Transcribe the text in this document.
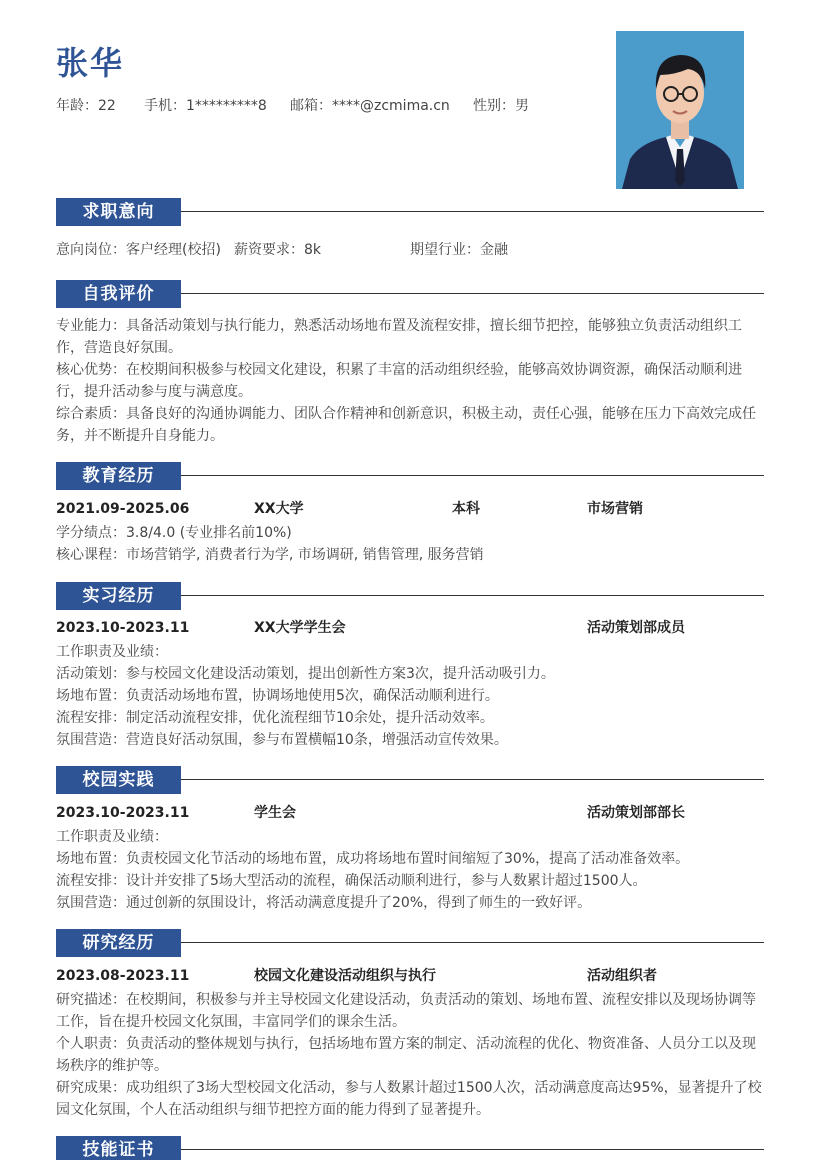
张华
年龄：22 手机：1*********8 邮箱：****@zcmima.cn 性别：男
求职意向
意向岗位：客户经理(校招) 薪资要求：8k	期望行业：金融
自我评价
专业能力：具备活动策划与执行能力，熟悉活动场地布置及流程安排，擅长细节把控，能够独立负责活动组织工作，营造良好氛围。
核心优势：在校期间积极参与校园文化建设，积累了丰富的活动组织经验，能够高效协调资源，确保活动顺利进行，提升活动参与度与满意度。
综合素质：具备良好的沟通协调能力、团队合作精神和创新意识，积极主动，责任心强，能够在压力下高效完成任务，并不断提升自身能力。
教育经历
2021.09-2025.06	XX大学	本科	市场营销
学分绩点：3.8/4.0 (专业排名前10%)
核心课程：市场营销学, 消费者行为学, 市场调研, 销售管理, 服务营销
实习经历
2023.10-2023.11	XX大学学生会	活动策划部成员
工作职责及业绩：
活动策划：参与校园文化建设活动策划，提出创新性方案3次，提升活动吸引力。
场地布置：负责活动场地布置，协调场地使用5次，确保活动顺利进行。
流程安排：制定活动流程安排，优化流程细节10余处，提升活动效率。
氛围营造：营造良好活动氛围，参与布置横幅10条，增强活动宣传效果。
校园实践
2023.10-2023.11	学生会	活动策划部部长
工作职责及业绩：
场地布置：负责校园文化节活动的场地布置，成功将场地布置时间缩短了30%，提高了活动准备效率。
流程安排：设计并安排了5场大型活动的流程，确保活动顺利进行，参与人数累计超过1500人。
氛围营造：通过创新的氛围设计，将活动满意度提升了20%，得到了师生的一致好评。
研究经历
2023.08-2023.11	校园文化建设活动组织与执行	活动组织者
研究描述：在校期间，积极参与并主导校园文化建设活动，负责活动的策划、场地布置、流程安排以及现场协调等工作，旨在提升校园文化氛围，丰富同学们的课余生活。
个人职责：负责活动的整体规划与执行，包括场地布置方案的制定、活动流程的优化、物资准备、人员分工以及现场秩序的维护等。
研究成果：成功组织了3场大型校园文化活动，参与人数累计超过1500人次，活动满意度高达95%，显著提升了校园文化氛围，个人在活动组织与细节把控方面的能力得到了显著提升。
技能证书
